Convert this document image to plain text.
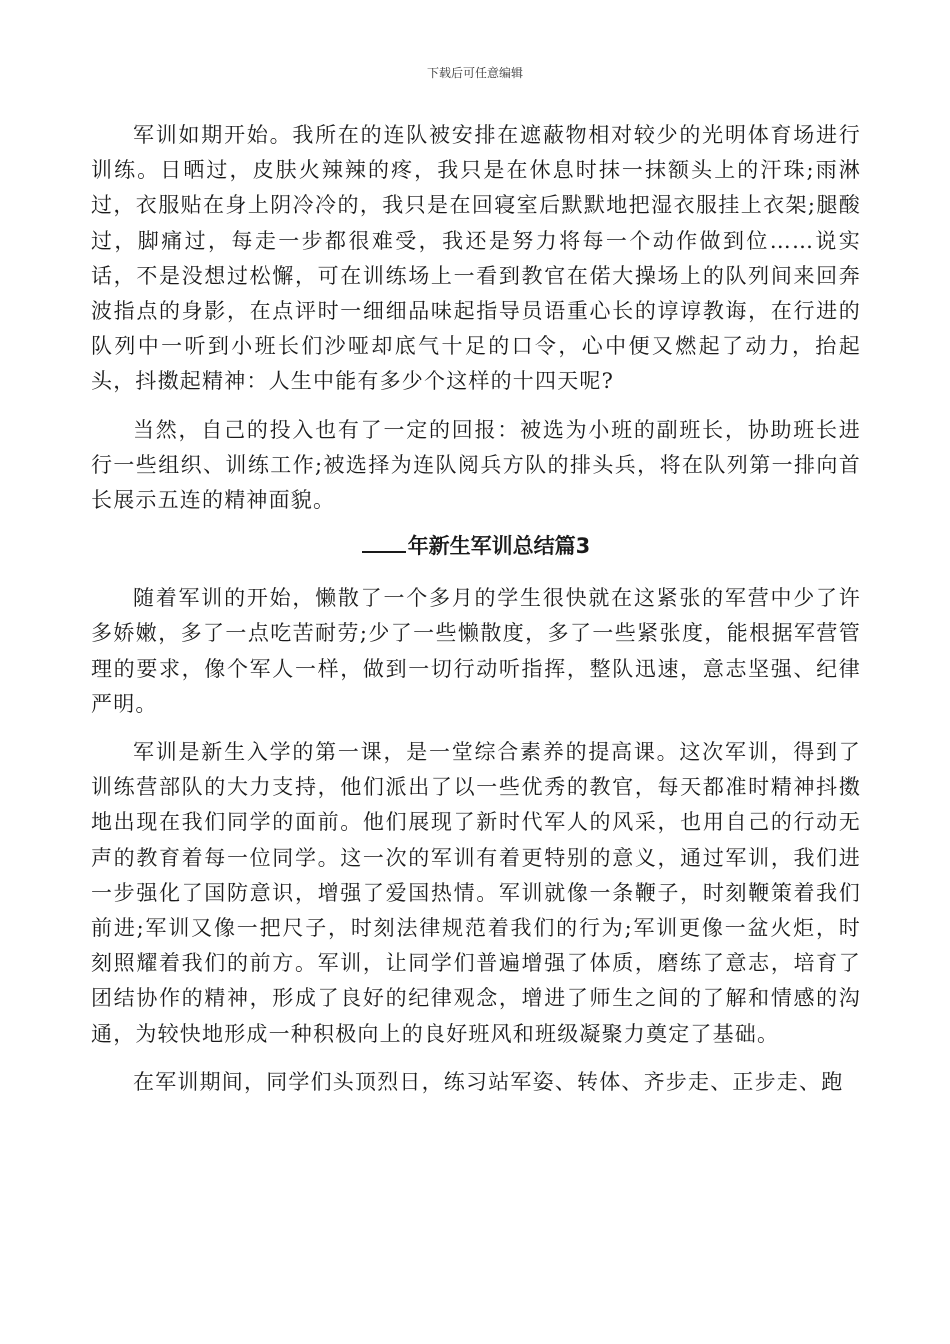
下载后可任意编辑

军训如期开始。我所在的连队被安排在遮蔽物相对较少的光明体育场进行训练。日晒过，皮肤火辣辣的疼，我只是在休息时抹一抹额头上的汗珠;雨淋过，衣服贴在身上阴冷冷的，我只是在回寝室后默默地把湿衣服挂上衣架;腿酸过，脚痛过，每走一步都很难受，我还是努力将每一个动作做到位……说实话，不是没想过松懈，可在训练场上一看到教官在偌大操场上的队列间来回奔波指点的身影，在点评时一细细品味起指导员语重心长的谆谆教诲，在行进的队列中一听到小班长们沙哑却底气十足的口令，心中便又燃起了动力，抬起头，抖擞起精神：人生中能有多少个这样的十四天呢?

当然，自己的投入也有了一定的回报：被选为小班的副班长，协助班长进行一些组织、训练工作;被选择为连队阅兵方队的排头兵，将在队列第一排向首长展示五连的精神面貌。

年新生军训总结篇3

随着军训的开始，懒散了一个多月的学生很快就在这紧张的军营中少了许多娇嫩，多了一点吃苦耐劳;少了一些懒散度，多了一些紧张度，能根据军营管理的要求，像个军人一样，做到一切行动听指挥，整队迅速，意志坚强、纪律严明。

军训是新生入学的第一课，是一堂综合素养的提高课。这次军训，得到了训练营部队的大力支持，他们派出了以一些优秀的教官，每天都准时精神抖擞地出现在我们同学的面前。他们展现了新时代军人的风采，也用自己的行动无声的教育着每一位同学。这一次的军训有着更特别的意义，通过军训，我们进一步强化了国防意识，增强了爱国热情。军训就像一条鞭子，时刻鞭策着我们前进;军训又像一把尺子，时刻法律规范着我们的行为;军训更像一盆火炬，时刻照耀着我们的前方。军训，让同学们普遍增强了体质，磨练了意志，培育了团结协作的精神，形成了良好的纪律观念，增进了师生之间的了解和情感的沟通，为较快地形成一种积极向上的良好班风和班级凝聚力奠定了基础。

在军训期间，同学们头顶烈日，练习站军姿、转体、齐步走、正步走、跑
